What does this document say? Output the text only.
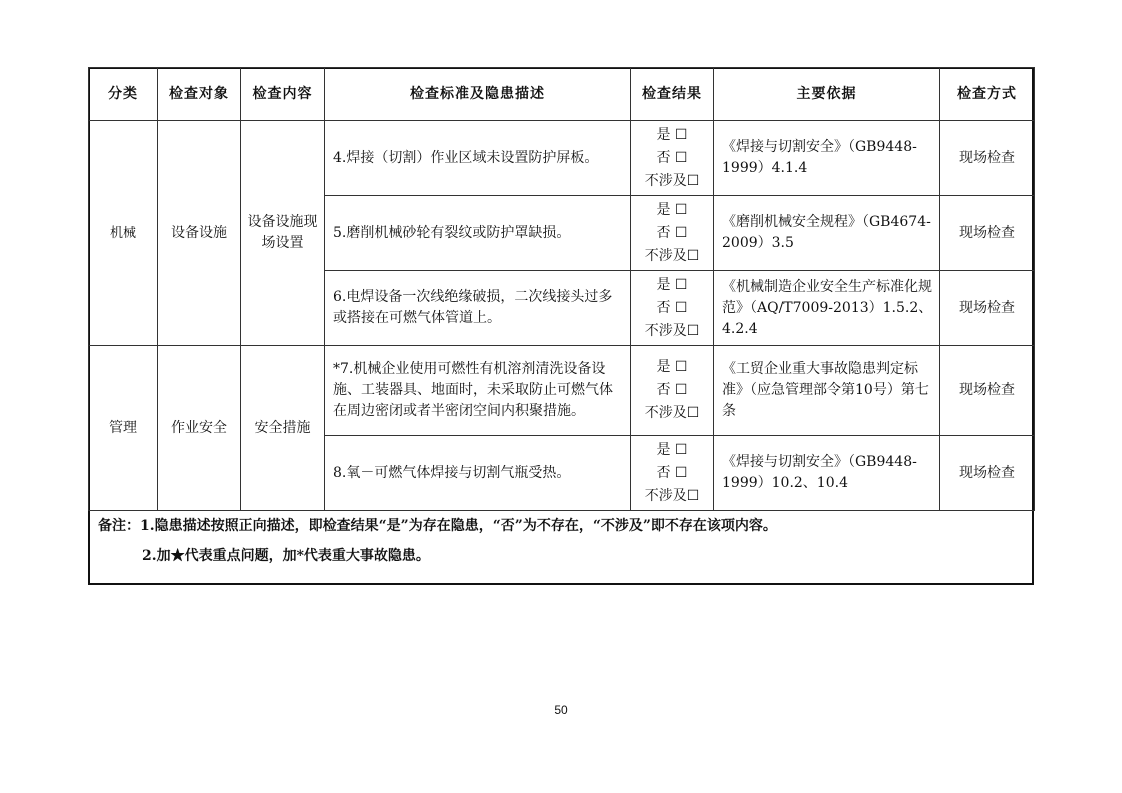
分类	检查对象	检查内容	检查标准及隐患描述	检查结果	主要依据	检查方式
机械	设备设施	设备设施现场设置	4.焊接（切割）作业区域未设置防护屏板。	是 ☐
否 ☐
不涉及☐	《焊接与切割安全》（GB9448-1999）4.1.4	现场检查
			5.磨削机械砂轮有裂纹或防护罩缺损。	是 ☐
否 ☐
不涉及☐	《磨削机械安全规程》（GB4674-2009）3.5	现场检查
			6.电焊设备一次线绝缘破损，二次线接头过多或搭接在可燃气体管道上。	是 ☐
否 ☐
不涉及☐	《机械制造企业安全生产标准化规范》（AQ/T7009-2013）1.5.2、4.2.4	现场检查
管理	作业安全	安全措施	*7.机械企业使用可燃性有机溶剂清洗设备设施、工装器具、地面时，未采取防止可燃气体在周边密闭或者半密闭空间内积聚措施。	是 ☐
否 ☐
不涉及☐	《工贸企业重大事故隐患判定标准》（应急管理部令第10号）第七条	现场检查
			8.氧－可燃气体焊接与切割气瓶受热。	是 ☐
否 ☐
不涉及☐	《焊接与切割安全》（GB9448-1999）10.2、10.4	现场检查
备注：1.隐患描述按照正向描述，即检查结果“是”为存在隐患，“否”为不存在，“不涉及”即不存在该项内容。
2.加★代表重点问题，加*代表重大事故隐患。
50
